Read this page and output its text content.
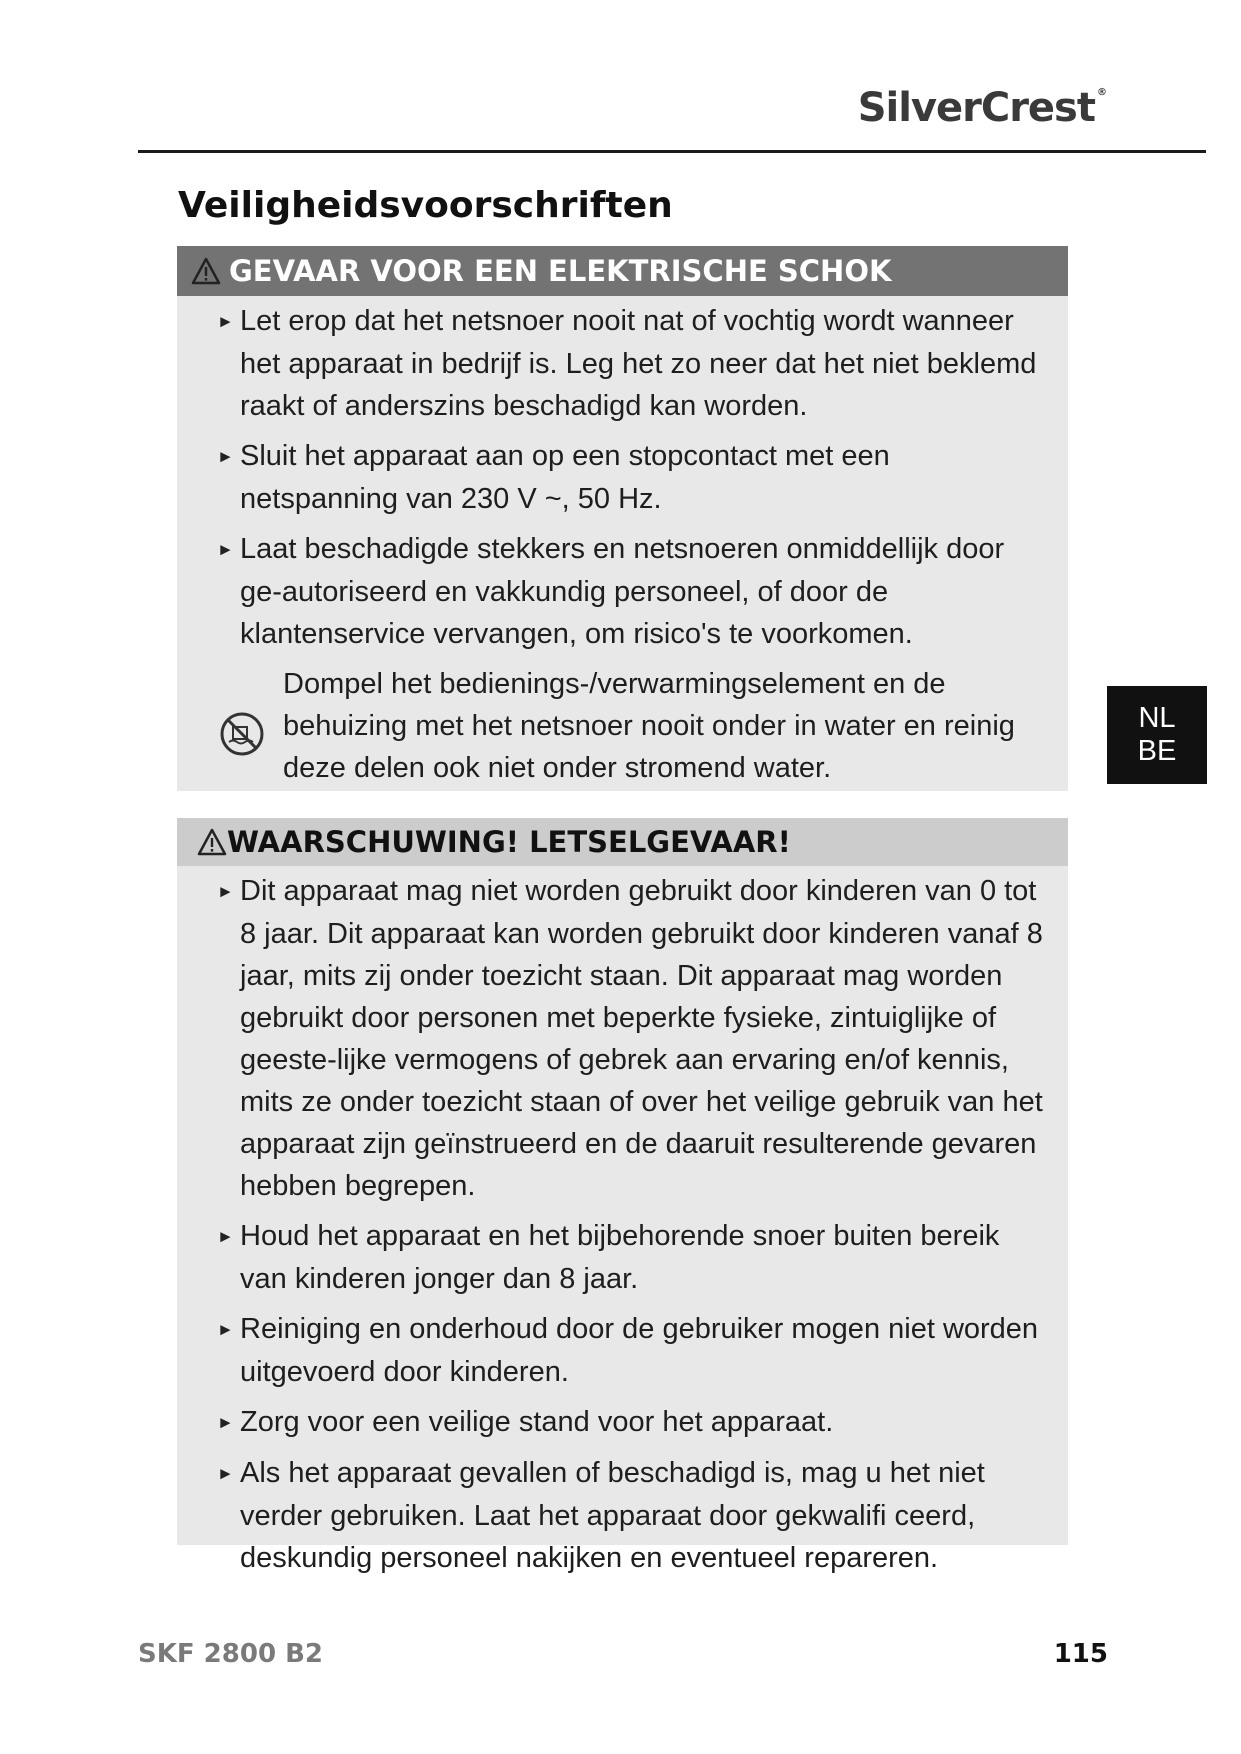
SilverCrest ®
Veiligheidsvoorschriften
GEVAAR VOOR EEN ELEKTRISCHE SCHOK
► Let erop dat het netsnoer nooit nat of vochtig wordt wanneer het apparaat in bedrijf is. Leg het zo neer dat het niet beklemd raakt of anderszins beschadigd kan worden.
► Sluit het apparaat aan op een stopcontact met een netspanning van 230 V ~, 50 Hz.
► Laat beschadigde stekkers en netsnoeren onmiddellijk door ge-autoriseerd en vakkundig personeel, of door de klantenservice vervangen, om risico's te voorkomen.
Dompel het bedienings-/verwarmingselement en de behuizing met het netsnoer nooit onder in water en reinig deze delen ook niet onder stromend water.
WAARSCHUWING! LETSELGEVAAR!
► Dit apparaat mag niet worden gebruikt door kinderen van 0 tot 8 jaar. Dit apparaat kan worden gebruikt door kinderen vanaf 8 jaar, mits zij onder toezicht staan. Dit apparaat mag worden gebruikt door personen met beperkte fysieke, zintuiglijke of geeste-lijke vermogens of gebrek aan ervaring en/of kennis, mits ze onder toezicht staan of over het veilige gebruik van het apparaat zijn geïnstrueerd en de daaruit resulterende gevaren hebben begrepen.
► Houd het apparaat en het bijbehorende snoer buiten bereik van kinderen jonger dan 8 jaar.
► Reiniging en onderhoud door de gebruiker mogen niet worden uitgevoerd door kinderen.
► Zorg voor een veilige stand voor het apparaat.
► Als het apparaat gevallen of beschadigd is, mag u het niet verder gebruiken. Laat het apparaat door gekwalifi ceerd, deskundig personeel nakijken en eventueel repareren.
NL
BE
SKF 2800 B2	115
